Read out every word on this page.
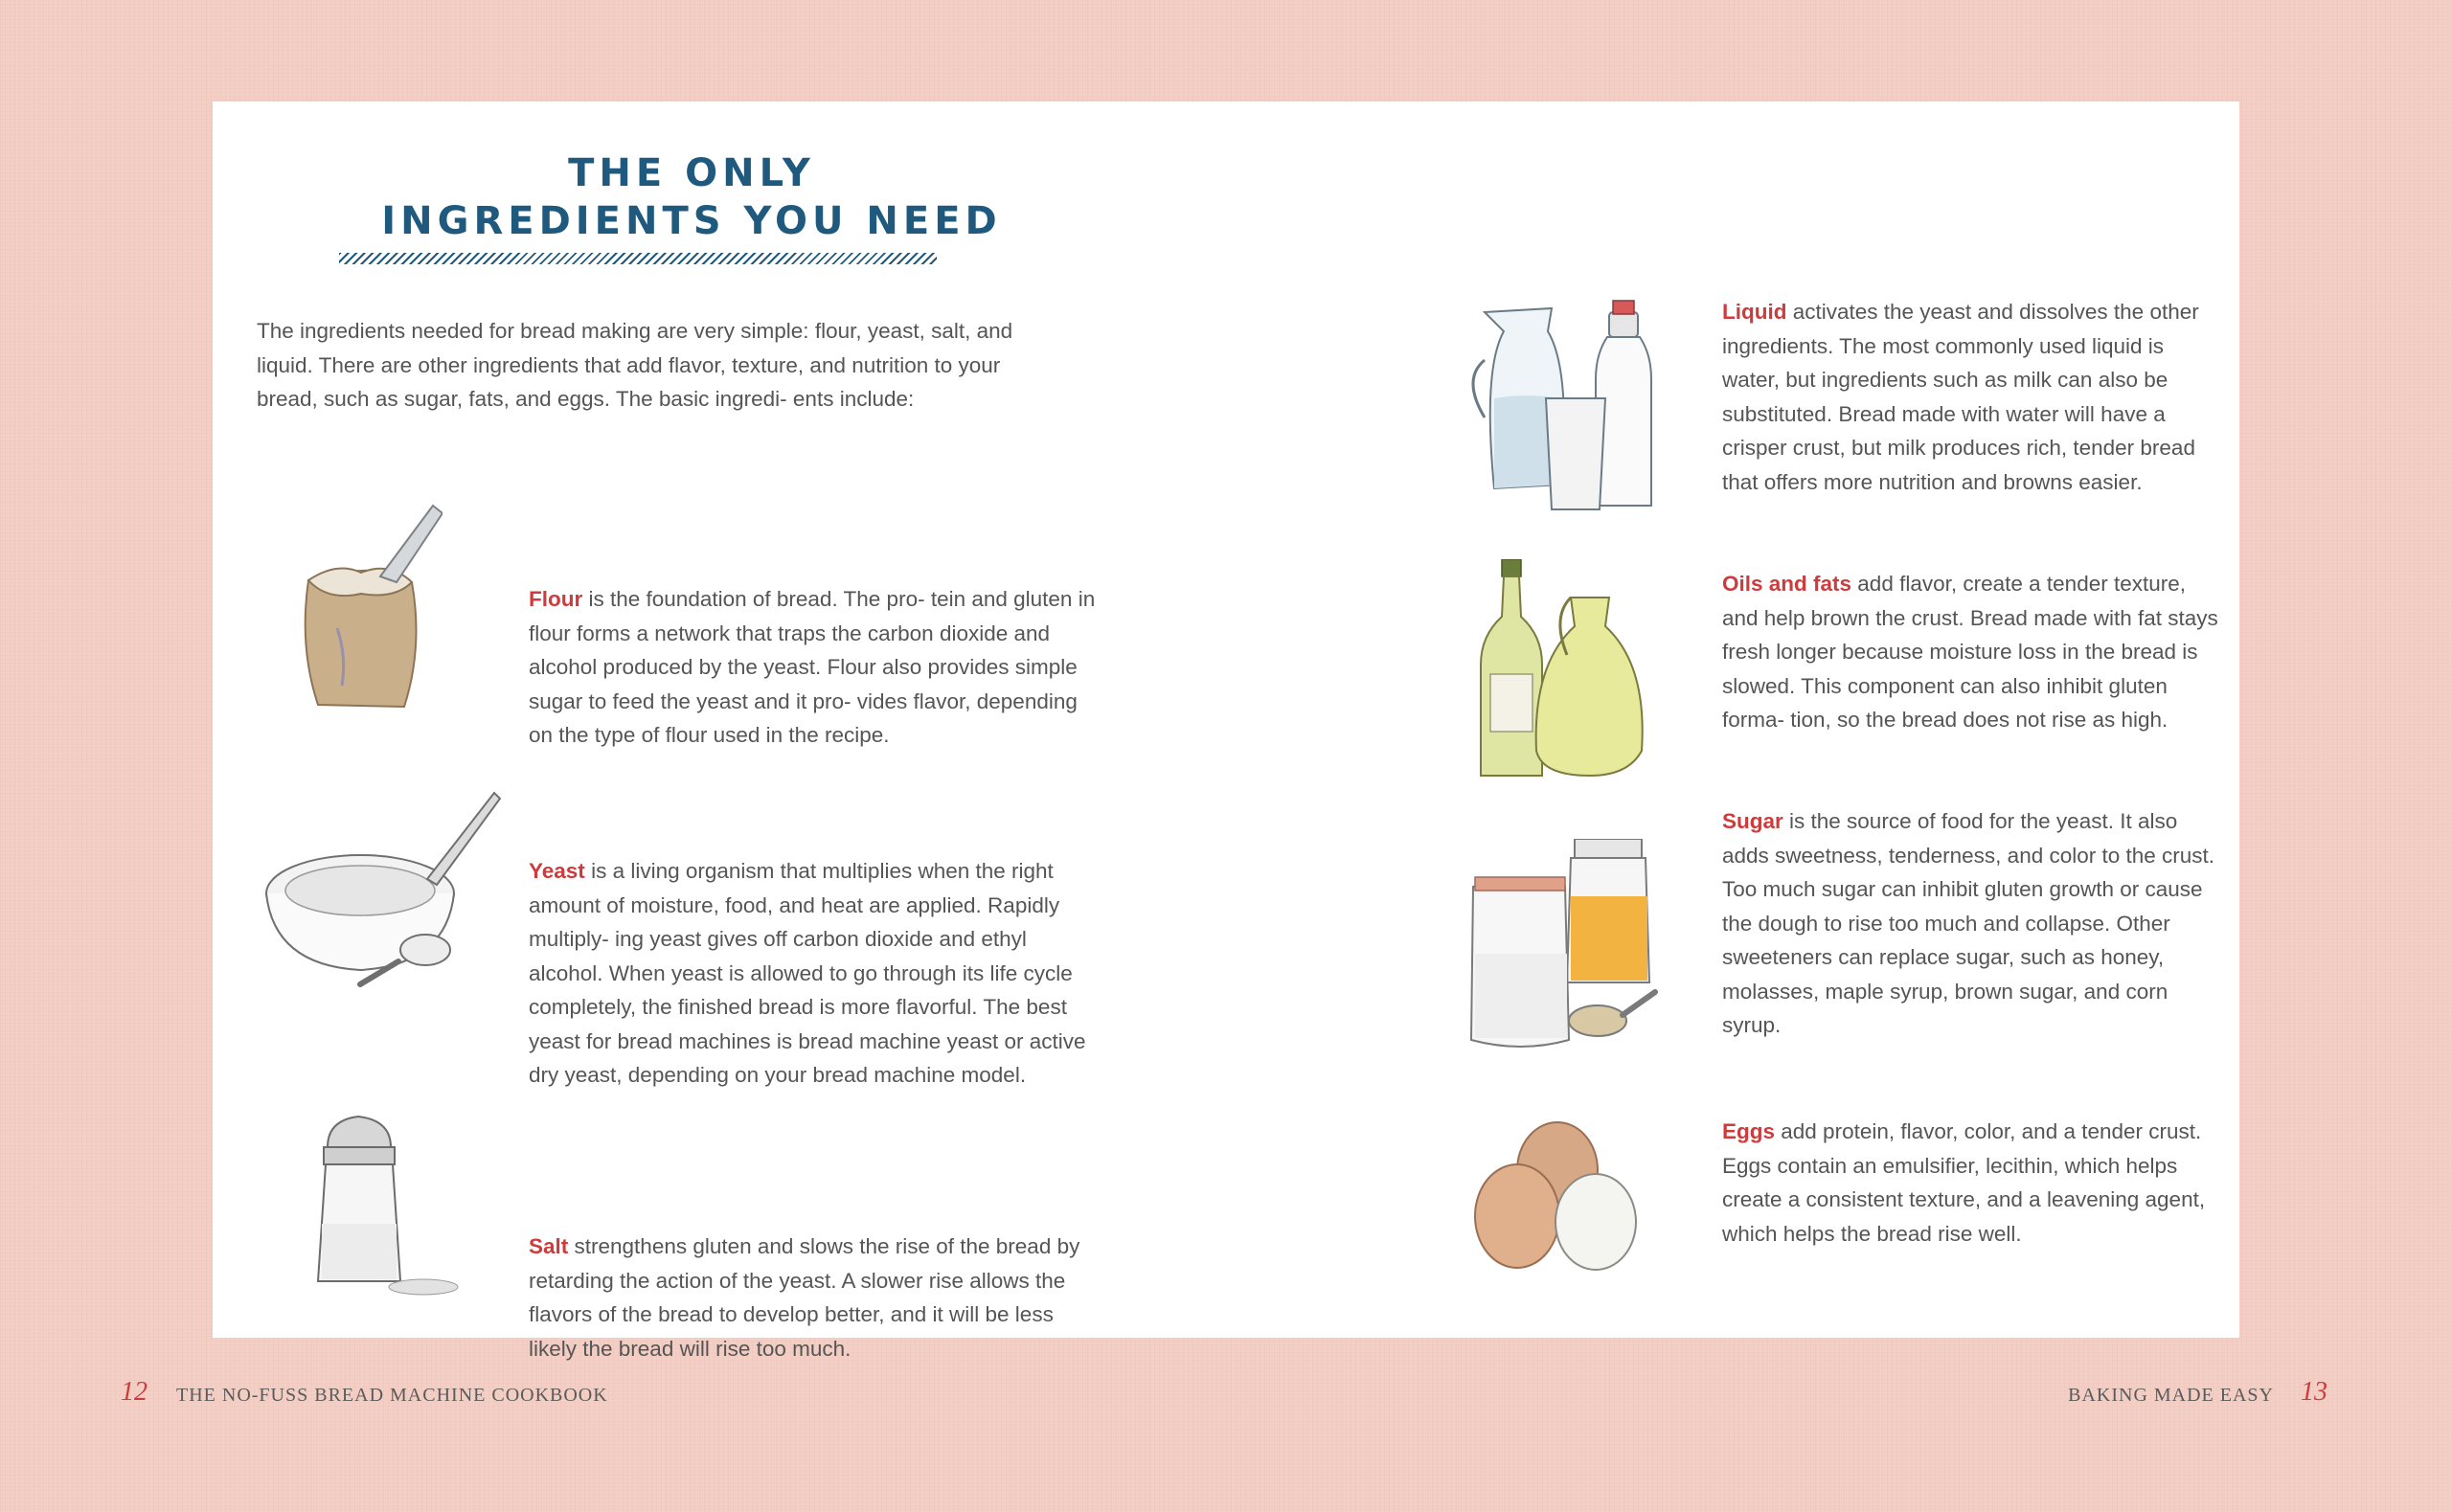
THE ONLY
INGREDIENTS YOU NEED

The ingredients needed for bread making are very simple: flour, yeast, salt, and liquid. There are other ingredients that add flavor, texture, and nutrition to your bread, such as sugar, fats, and eggs. The basic ingredi- ents include:

Flour is the foundation of bread. The pro- tein and gluten in flour forms a network that traps the carbon dioxide and alcohol produced by the yeast. Flour also provides simple sugar to feed the yeast and it pro- vides flavor, depending on the type of flour used in the recipe.

Yeast is a living organism that multiplies when the right amount of moisture, food, and heat are applied. Rapidly multiply- ing yeast gives off carbon dioxide and ethyl alcohol. When yeast is allowed to go through its life cycle completely, the finished bread is more flavorful. The best yeast for bread machines is bread machine yeast or active dry yeast, depending on your bread machine model.

Salt strengthens gluten and slows the rise of the bread by retarding the action of the yeast. A slower rise allows the flavors of the bread to develop better, and it will be less likely the bread will rise too much.

Liquid activates the yeast and dissolves the other ingredients. The most commonly used liquid is water, but ingredients such as milk can also be substituted. Bread made with water will have a crisper crust, but milk produces rich, tender bread that offers more nutrition and browns easier.

Oils and fats add flavor, create a tender texture, and help brown the crust. Bread made with fat stays fresh longer because moisture loss in the bread is slowed. This component can also inhibit gluten forma- tion, so the bread does not rise as high.

Sugar is the source of food for the yeast. It also adds sweetness, tenderness, and color to the crust. Too much sugar can inhibit gluten growth or cause the dough to rise too much and collapse. Other sweeteners can replace sugar, such as honey, molasses, maple syrup, brown sugar, and corn syrup.

Eggs add protein, flavor, color, and a tender crust. Eggs contain an emulsifier, lecithin, which helps create a consistent texture, and a leavening agent, which helps the bread rise well.

12 THE NO-FUSS BREAD MACHINE COOKBOOK	BAKING MADE EASY 13
